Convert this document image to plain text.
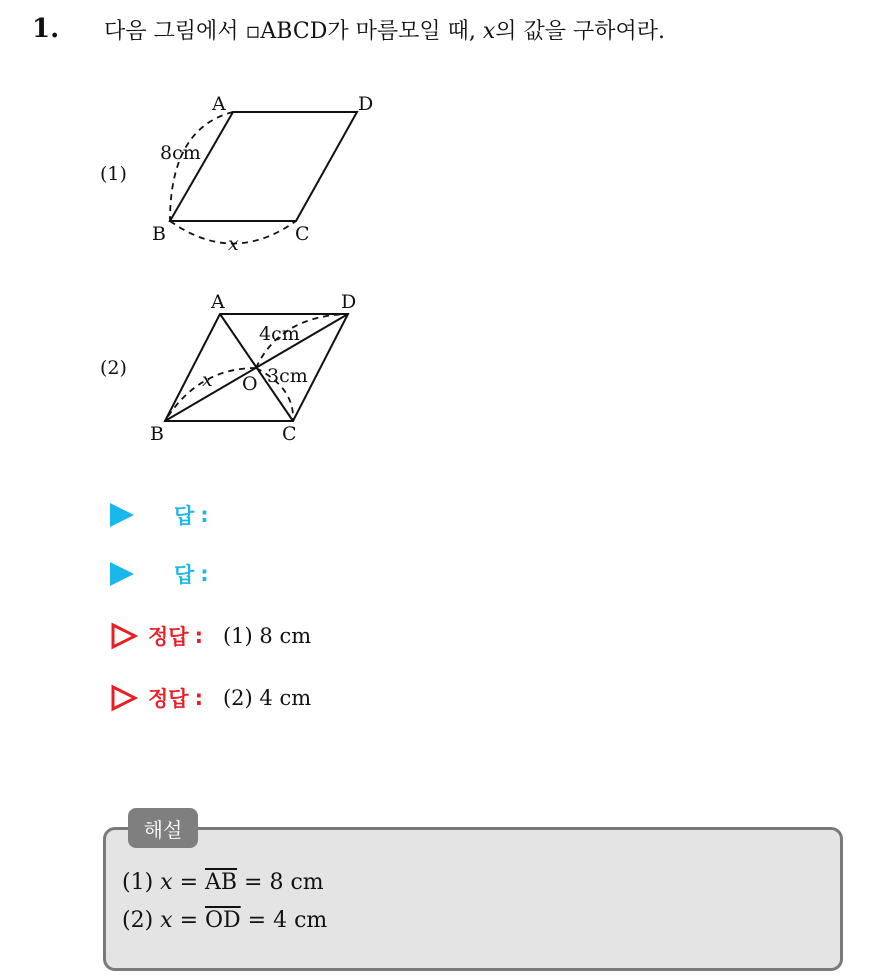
1. 다음 그림에서 ▫ABCD가 마름모일 때, x의 값을 구하여라.
(1)
A	D
B	C
8cm
x
(2)
A	D
B	C
O
4cm
3cm
x
답 :
답 :
정답 : (1) 8 cm
정답 : (2) 4 cm
해설
(1) $x = \overline{AB} = 8$ cm
(2) $x = \overline{OD} = 4$ cm
